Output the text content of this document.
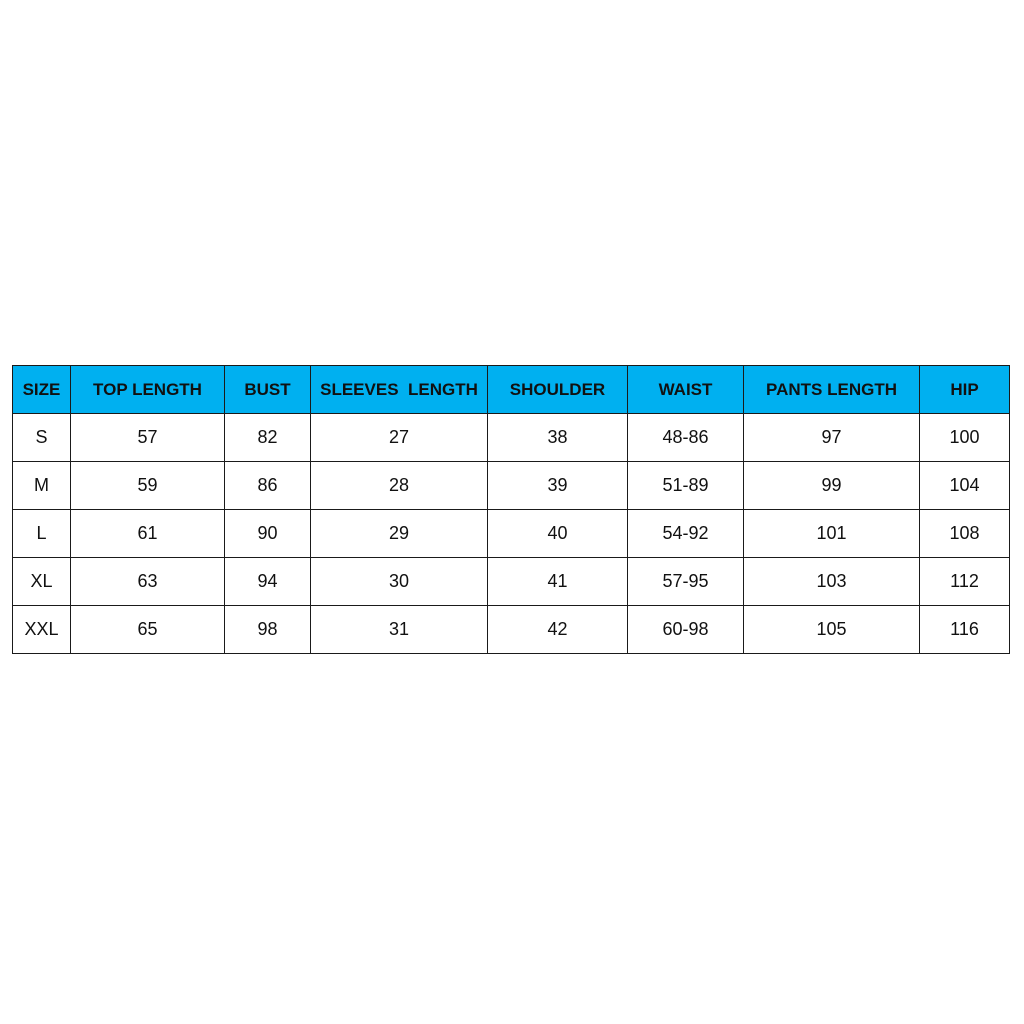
SIZE	TOP LENGTH	BUST	SLEEVES  LENGTH	SHOULDER	WAIST	PANTS LENGTH	HIP
S	57	82	27	38	48-86	97	100
M	59	86	28	39	51-89	99	104
L	61	90	29	40	54-92	101	108
XL	63	94	30	41	57-95	103	112
XXL	65	98	31	42	60-98	105	116
